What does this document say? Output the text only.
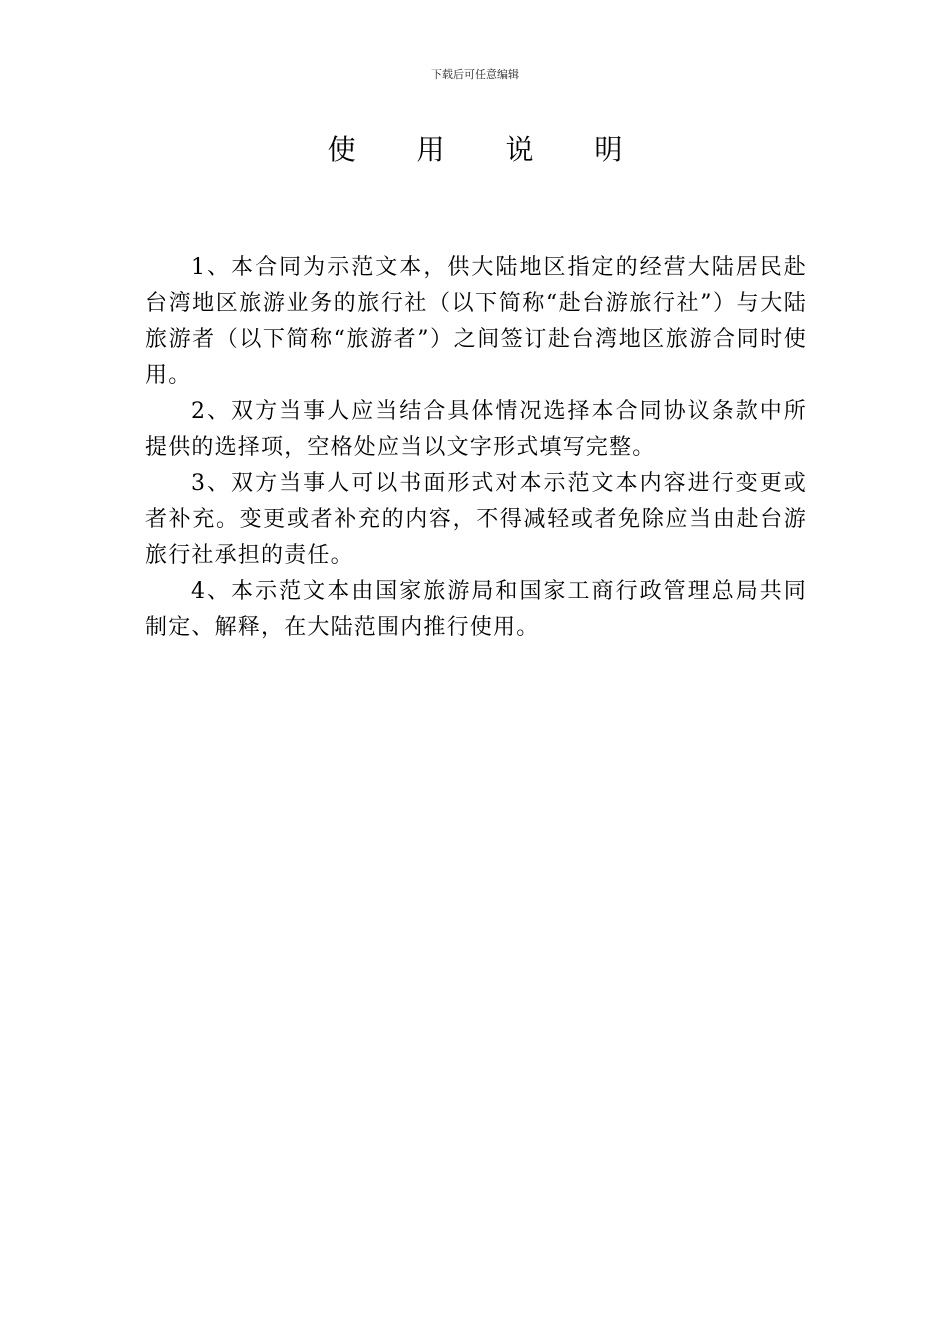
下载后可任意编辑
使 用 说 明

1、本合同为示范文本，供大陆地区指定的经营大陆居民赴台湾地区旅游业务的旅行社（以下简称“赴台游旅行社”）与大陆旅游者（以下简称“旅游者”）之间签订赴台湾地区旅游合同时使用。

2、双方当事人应当结合具体情况选择本合同协议条款中所提供的选择项，空格处应当以文字形式填写完整。

3、双方当事人可以书面形式对本示范文本内容进行变更或者补充。变更或者补充的内容，不得减轻或者免除应当由赴台游旅行社承担的责任。

4、本示范文本由国家旅游局和国家工商行政管理总局共同制定、解释，在大陆范围内推行使用。
